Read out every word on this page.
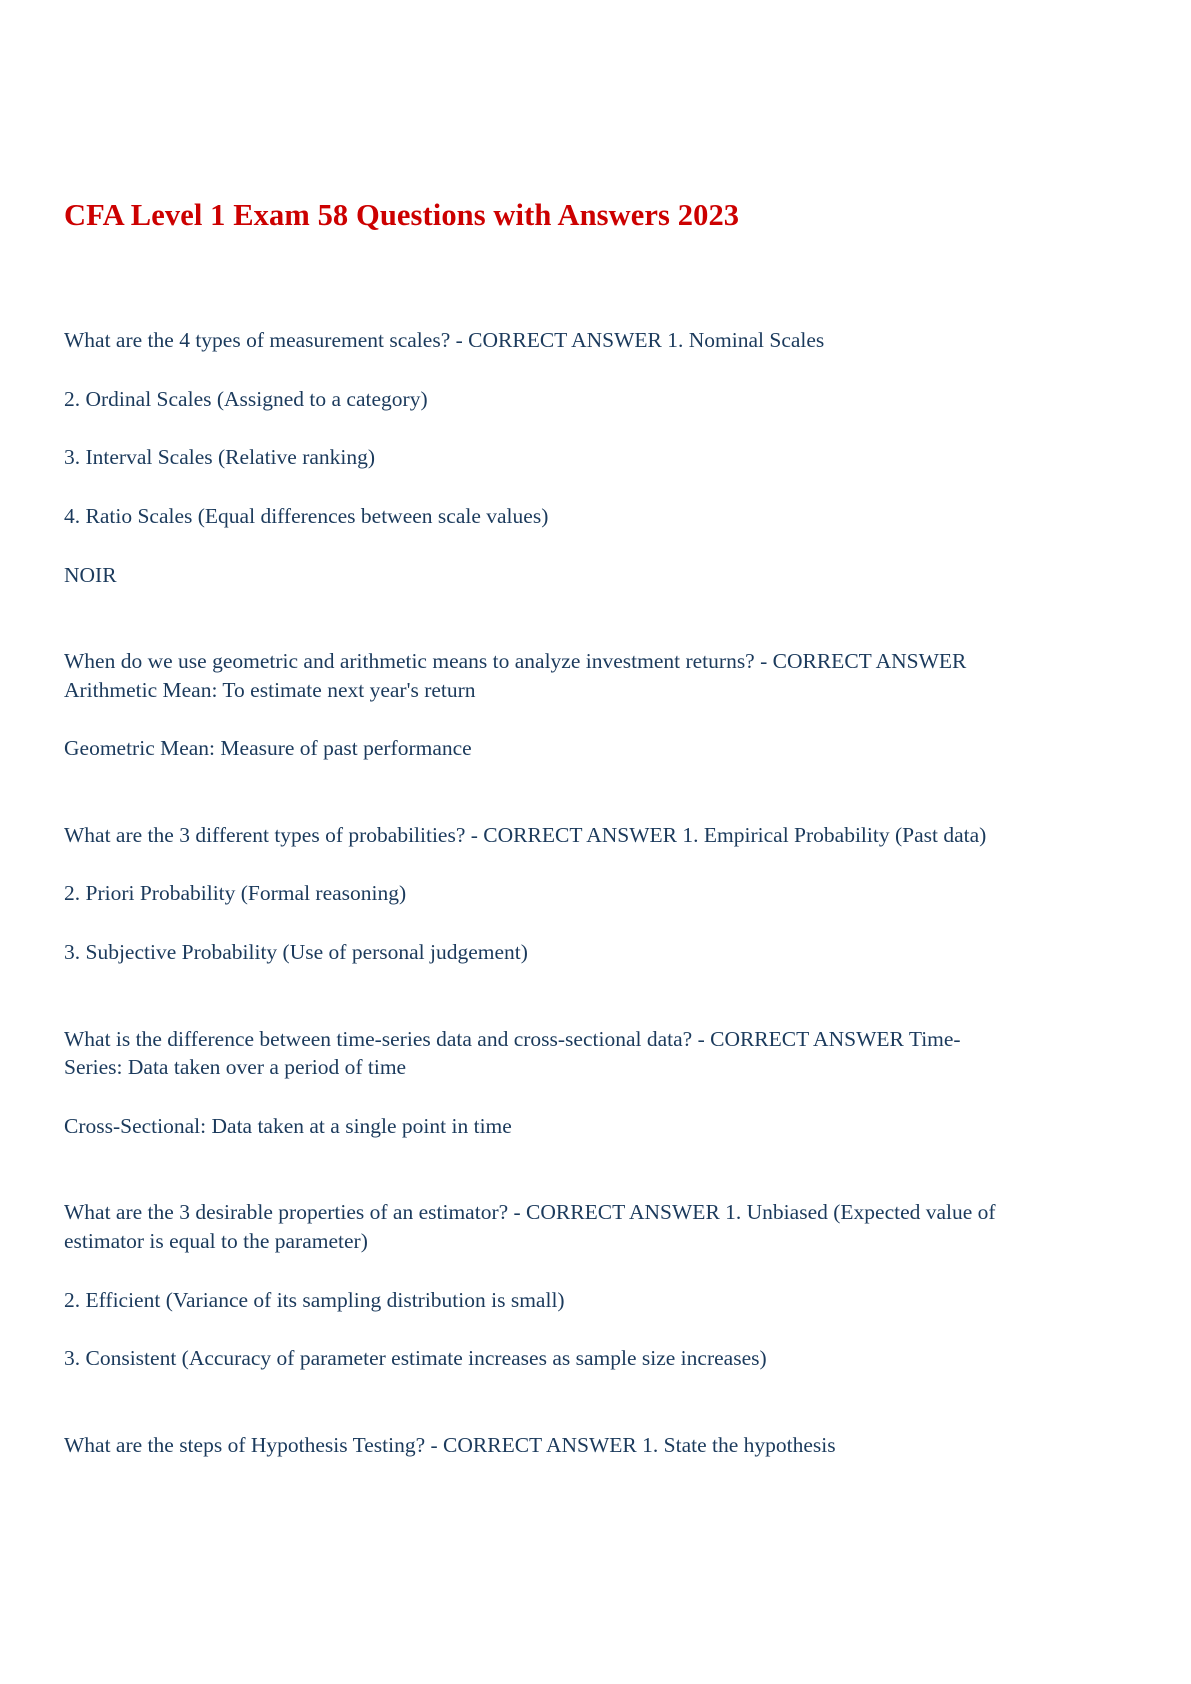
CFA Level 1 Exam 58 Questions with Answers 2023

What are the 4 types of measurement scales? - CORRECT ANSWER 1. Nominal Scales

2. Ordinal Scales (Assigned to a category)

3. Interval Scales (Relative ranking)

4. Ratio Scales (Equal differences between scale values)

NOIR

When do we use geometric and arithmetic means to analyze investment returns? - CORRECT ANSWER Arithmetic Mean: To estimate next year's return

Geometric Mean: Measure of past performance

What are the 3 different types of probabilities? - CORRECT ANSWER 1. Empirical Probability (Past data)

2. Priori Probability (Formal reasoning)

3. Subjective Probability (Use of personal judgement)

What is the difference between time-series data and cross-sectional data? - CORRECT ANSWER Time-Series: Data taken over a period of time

Cross-Sectional: Data taken at a single point in time

What are the 3 desirable properties of an estimator? - CORRECT ANSWER 1. Unbiased (Expected value of estimator is equal to the parameter)

2. Efficient (Variance of its sampling distribution is small)

3. Consistent (Accuracy of parameter estimate increases as sample size increases)

What are the steps of Hypothesis Testing? - CORRECT ANSWER 1. State the hypothesis
